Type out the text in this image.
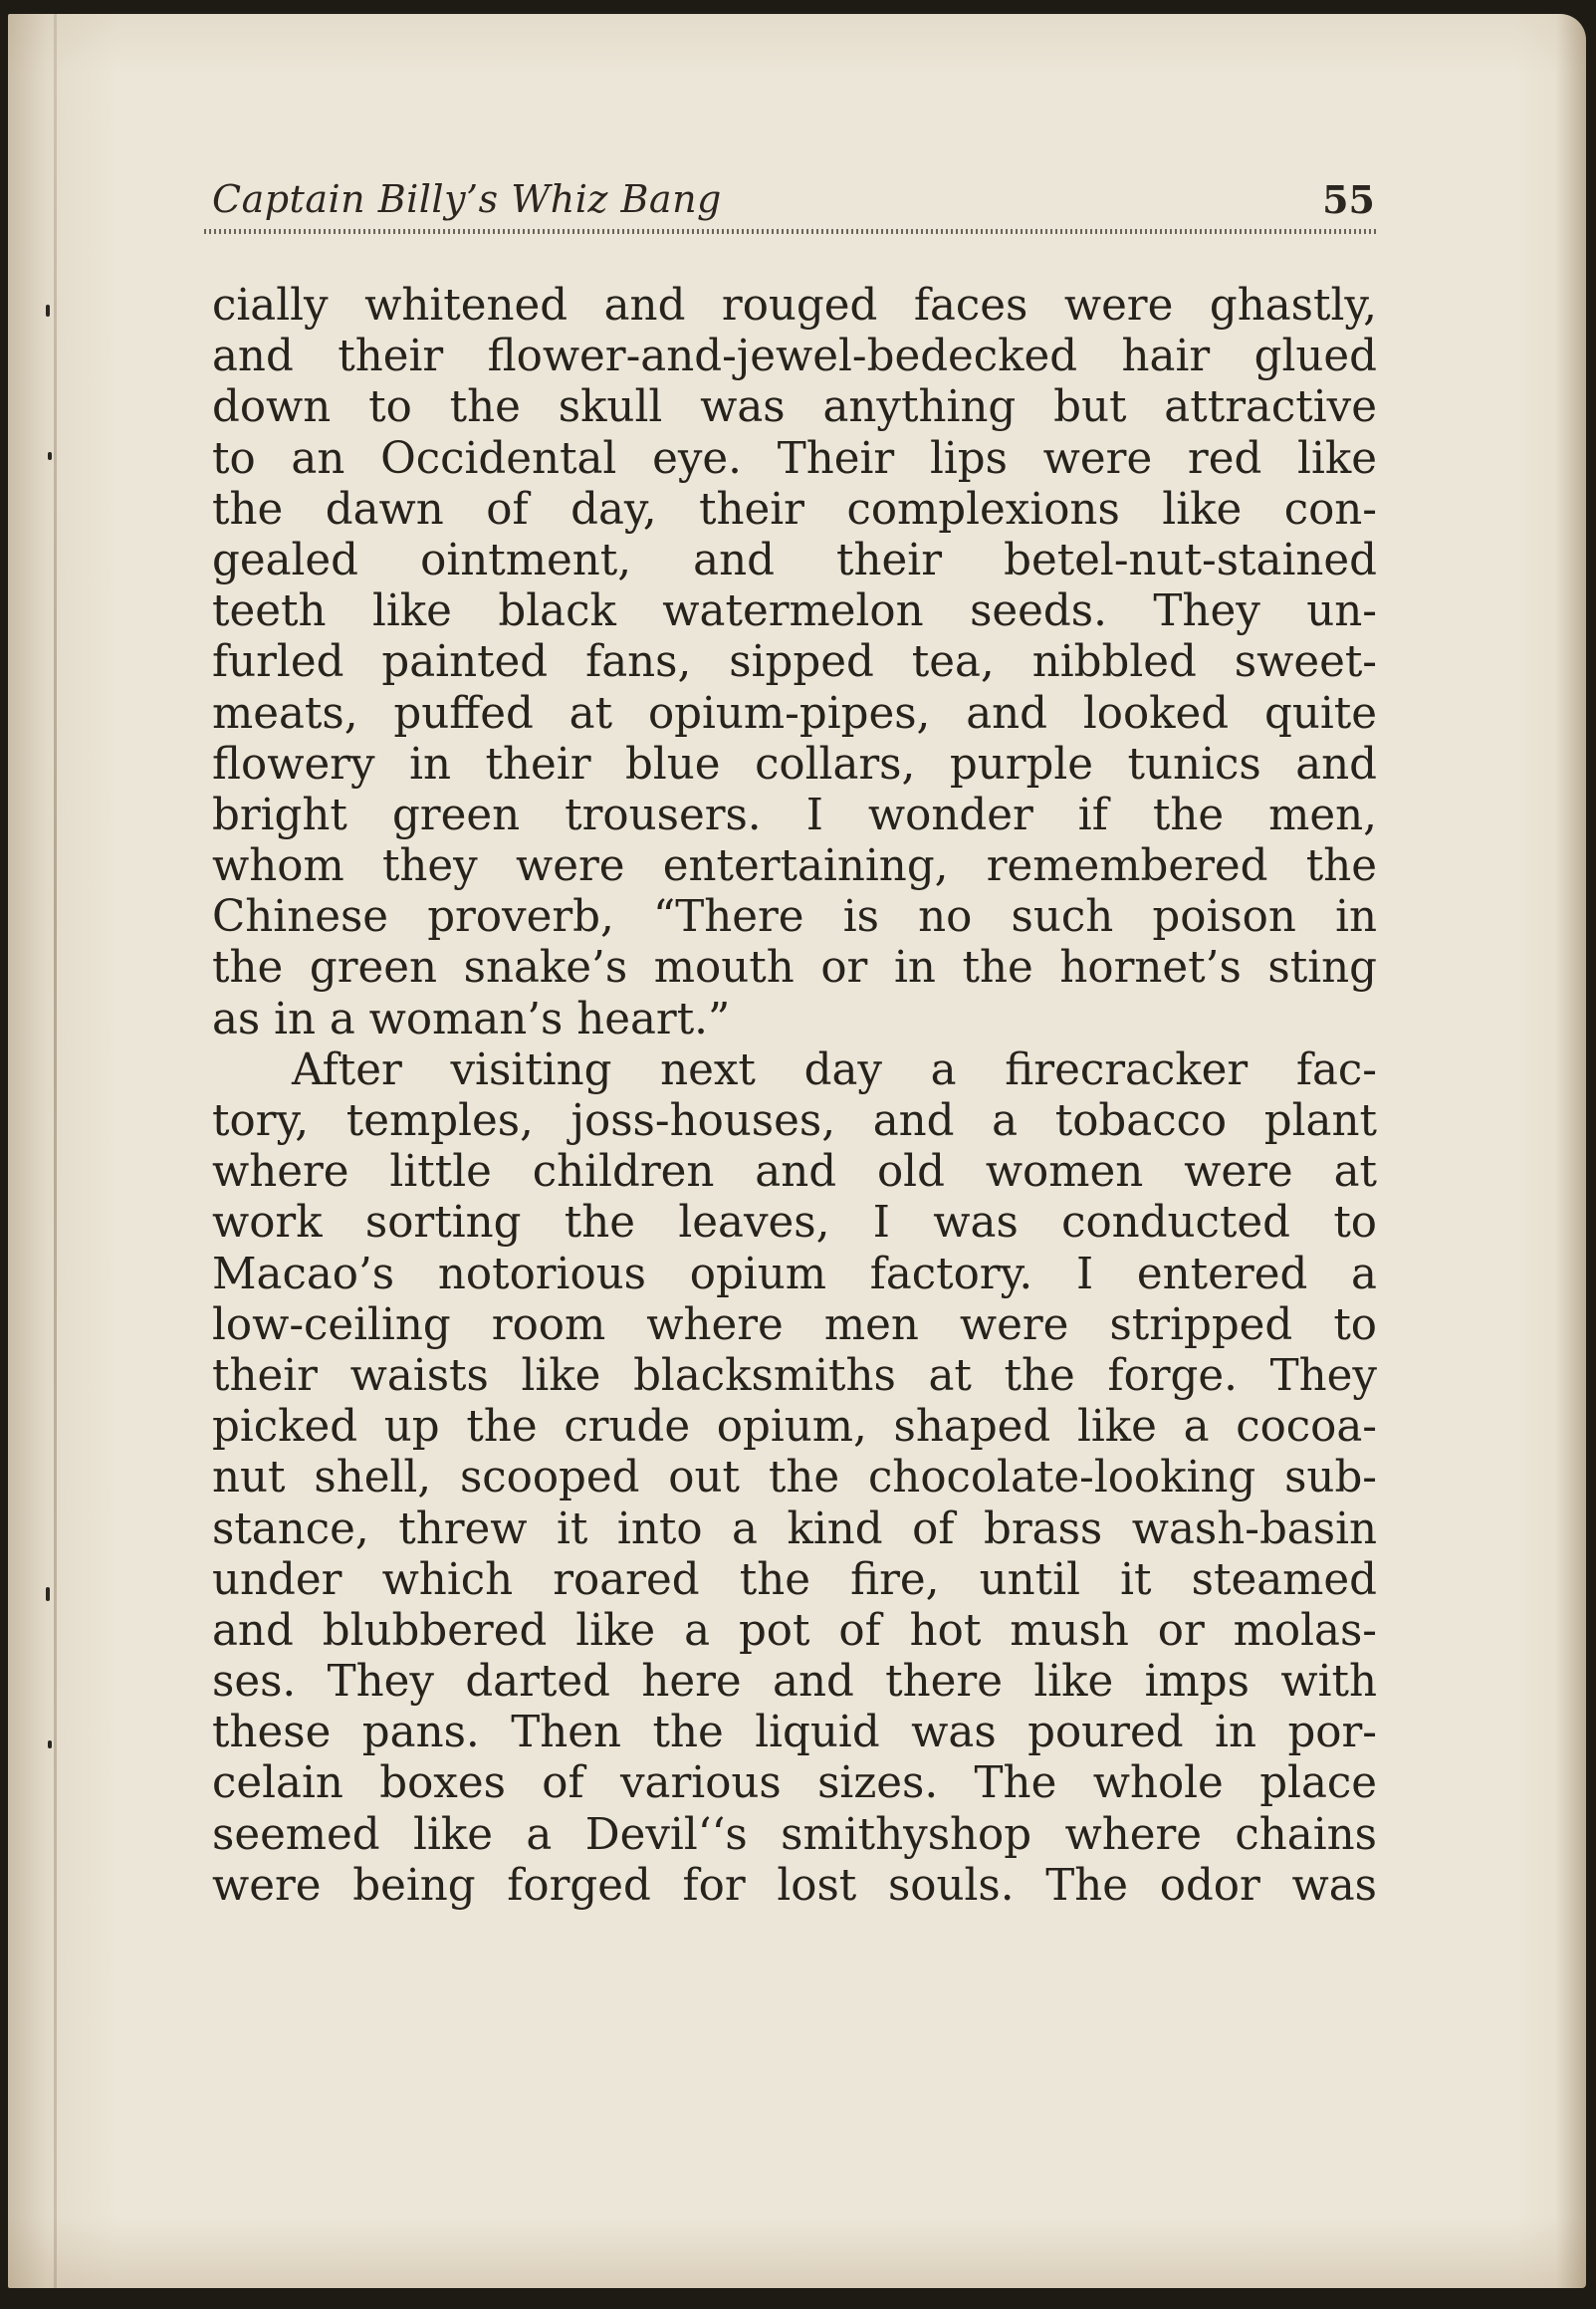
Captain Billy’s Whiz Bang	55
cially whitened and rouged faces were ghastly,
and their flower-and-jewel-bedecked hair glued
down to the skull was anything but attractive
to an Occidental eye. Their lips were red like
the dawn of day, their complexions like con-
gealed ointment, and their betel-nut-stained
teeth like black watermelon seeds. They un-
furled painted fans, sipped tea, nibbled sweet-
meats, puffed at opium-pipes, and looked quite
flowery in their blue collars, purple tunics and
bright green trousers. I wonder if the men,
whom they were entertaining, remembered the
Chinese proverb, “There is no such poison in
the green snake’s mouth or in the hornet’s sting
as in a woman’s heart.”
After visiting next day a firecracker fac-
tory, temples, joss-houses, and a tobacco plant
where little children and old women were at
work sorting the leaves, I was conducted to
Macao’s notorious opium factory. I entered a
low-ceiling room where men were stripped to
their waists like blacksmiths at the forge. They
picked up the crude opium, shaped like a cocoa-
nut shell, scooped out the chocolate-looking sub-
stance, threw it into a kind of brass wash-basin
under which roared the fire, until it steamed
and blubbered like a pot of hot mush or molas-
ses. They darted here and there like imps with
these pans. Then the liquid was poured in por-
celain boxes of various sizes. The whole place
seemed like a Devil‘‘s smithyshop where chains
were being forged for lost souls. The odor was
